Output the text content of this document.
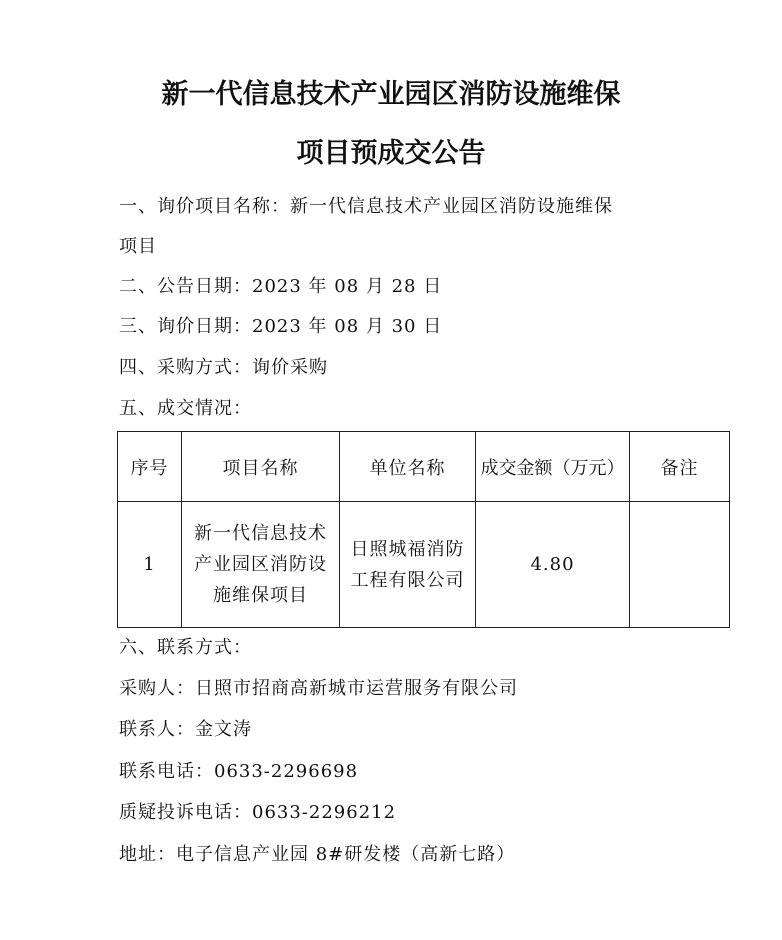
新一代信息技术产业园区消防设施维保
项目预成交公告
一、询价项目名称：新一代信息技术产业园区消防设施维保
项目
二、公告日期：2023 年 08 月 28 日
三、询价日期：2023 年 08 月 30 日
四、采购方式：询价采购
五、成交情况：
序号	项目名称	单位名称	成交金额（万元）	备注
1	新一代信息技术产业园区消防设施维保项目	日照城福消防工程有限公司	4.80	
六、联系方式：
采购人：日照市招商高新城市运营服务有限公司
联系人：金文涛
联系电话：0633-2296698
质疑投诉电话：0633-2296212
地址：电子信息产业园 8#研发楼（高新七路）
